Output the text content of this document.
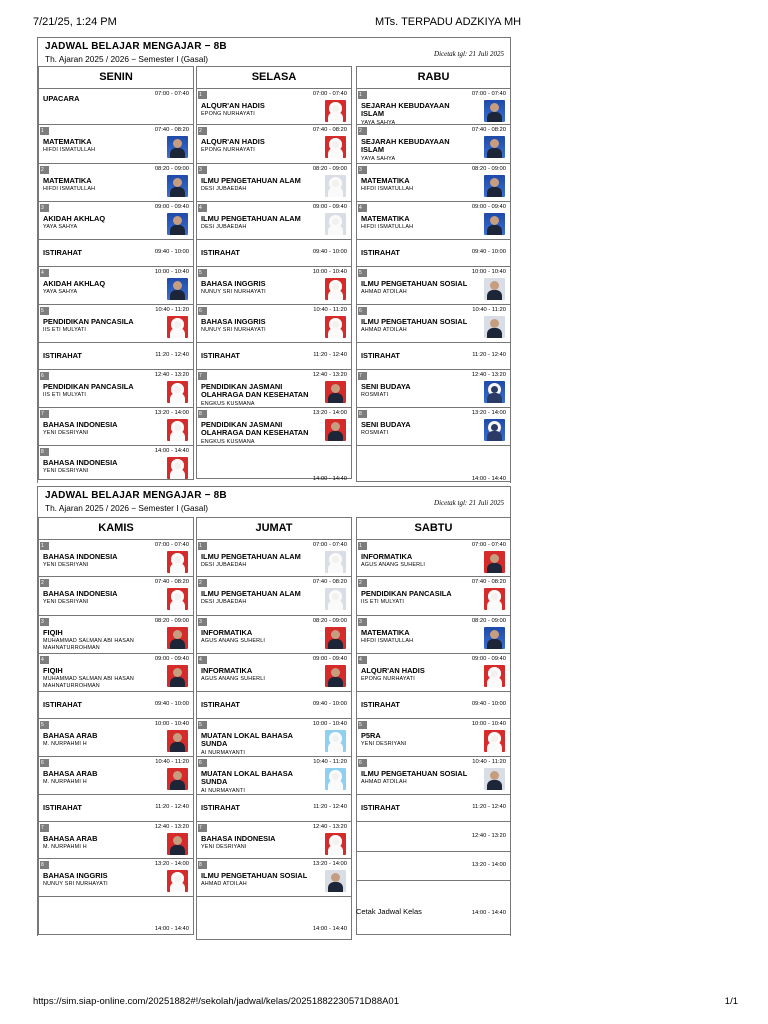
7/21/25, 1:24 PM	MTs. TERPADU ADZKIYA MH
JADWAL BELAJAR MENGAJAR − 8B
Th. Ajaran 2025 / 2026 − Semester I (Gasal)	Dicetak tgl: 21 Juli 2025
SENIN
07:00 - 07:40
UPACARA
1	07:40 - 08:20
MATEMATIKA
HIFDI ISMATULLAH
2	08:20 - 09:00
MATEMATIKA
HIFDI ISMATULLAH
3	09:00 - 09:40
AKIDAH AKHLAQ
YAYA SAHYA
09:40 - 10:00
ISTIRAHAT
4	10:00 - 10:40
AKIDAH AKHLAQ
YAYA SAHYA
5	10:40 - 11:20
PENDIDIKAN PANCASILA
IIS ETI MULYATI
11:20 - 12:40
ISTIRAHAT
6	12:40 - 13:20
PENDIDIKAN PANCASILA
IIS ETI MULYATI
7	13:20 - 14:00
BAHASA INDONESIA
YENI DESRIYANI
8	14:00 - 14:40
BAHASA INDONESIA
YENI DESRIYANI
SELASA
1	07:00 - 07:40
ALQUR'AN HADIS
EPONG NURHAYATI
2	07:40 - 08:20
ALQUR'AN HADIS
EPONG NURHAYATI
3	08:20 - 09:00
ILMU PENGETAHUAN ALAM
DESI JUBAEDAH
4	09:00 - 09:40
ILMU PENGETAHUAN ALAM
DESI JUBAEDAH
09:40 - 10:00
ISTIRAHAT
5	10:00 - 10:40
BAHASA INGGRIS
NUNUY SRI NURHAYATI
6	10:40 - 11:20
BAHASA INGGRIS
NUNUY SRI NURHAYATI
11:20 - 12:40
ISTIRAHAT
7	12:40 - 13:20
PENDIDIKAN JASMANI OLAHRAGA DAN KESEHATAN
ENGKUS KUSMANA
8	13:20 - 14:00
PENDIDIKAN JASMANI OLAHRAGA DAN KESEHATAN
ENGKUS KUSMANA
14:00 - 14:40
RABU
1	07:00 - 07:40
SEJARAH KEBUDAYAAN ISLAM
YAYA SAHYA
2	07:40 - 08:20
SEJARAH KEBUDAYAAN ISLAM
YAYA SAHYA
3	08:20 - 09:00
MATEMATIKA
HIFDI ISMATULLAH
4	09:00 - 09:40
MATEMATIKA
HIFDI ISMATULLAH
09:40 - 10:00
ISTIRAHAT
5	10:00 - 10:40
ILMU PENGETAHUAN SOSIAL
AHMAD ATOILAH
6	10:40 - 11:20
ILMU PENGETAHUAN SOSIAL
AHMAD ATOILAH
11:20 - 12:40
ISTIRAHAT
7	12:40 - 13:20
SENI BUDAYA
ROSMIATI
8	13:20 - 14:00
SENI BUDAYA
ROSMIATI
14:00 - 14:40
JADWAL BELAJAR MENGAJAR − 8B
Th. Ajaran 2025 / 2026 − Semester I (Gasal)	Dicetak tgl: 21 Juli 2025
KAMIS
1	07:00 - 07:40
BAHASA INDONESIA
YENI DESRIYANI
2	07:40 - 08:20
BAHASA INDONESIA
YENI DESRIYANI
3	08:20 - 09:00
FIQIH
MUHAMMAD SALMAN ABI HASAN MAHNATURROHMAN
4	09:00 - 09:40
FIQIH
MUHAMMAD SALMAN ABI HASAN MAHNATURROHMAN
09:40 - 10:00
ISTIRAHAT
5	10:00 - 10:40
BAHASA ARAB
M. NURPAHMI H
6	10:40 - 11:20
BAHASA ARAB
M. NURPAHMI H
11:20 - 12:40
ISTIRAHAT
7	12:40 - 13:20
BAHASA ARAB
M. NURPAHMI H
8	13:20 - 14:00
BAHASA INGGRIS
NUNUY SRI NURHAYATI
14:00 - 14:40
JUMAT
1	07:00 - 07:40
ILMU PENGETAHUAN ALAM
DESI JUBAEDAH
2	07:40 - 08:20
ILMU PENGETAHUAN ALAM
DESI JUBAEDAH
3	08:20 - 09:00
INFORMATIKA
AGUS ANANG SUHERLI
4	09:00 - 09:40
INFORMATIKA
AGUS ANANG SUHERLI
09:40 - 10:00
ISTIRAHAT
5	10:00 - 10:40
MUATAN LOKAL BAHASA SUNDA
AI NURMAYANTI
6	10:40 - 11:20
MUATAN LOKAL BAHASA SUNDA
AI NURMAYANTI
11:20 - 12:40
ISTIRAHAT
7	12:40 - 13:20
BAHASA INDONESIA
YENI DESRIYANI
8	13:20 - 14:00
ILMU PENGETAHUAN SOSIAL
AHMAD ATOILAH
14:00 - 14:40
SABTU
1	07:00 - 07:40
INFORMATIKA
AGUS ANANG SUHERLI
2	07:40 - 08:20
PENDIDIKAN PANCASILA
IIS ETI MULYATI
3	08:20 - 09:00
MATEMATIKA
HIFDI ISMATULLAH
4	09:00 - 09:40
ALQUR'AN HADIS
EPONG NURHAYATI
09:40 - 10:00
ISTIRAHAT
5	10:00 - 10:40
P5RA
YENI DESRIYANI
6	10:40 - 11:20
ILMU PENGETAHUAN SOSIAL
AHMAD ATOILAH
11:20 - 12:40
ISTIRAHAT
12:40 - 13:20
13:20 - 14:00
14:00 - 14:40
Cetak Jadwal Kelas
https://sim.siap-online.com/20251882#!/sekolah/jadwal/kelas/20251882230571D88A01	1/1
